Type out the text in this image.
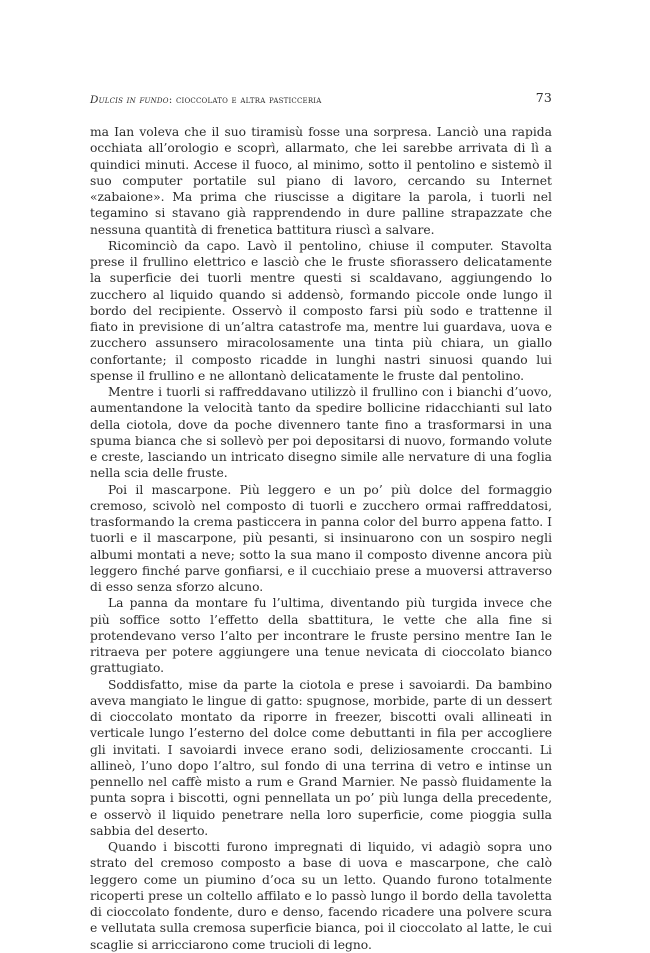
Dulcis in fundo: cioccolato e altra pasticceria	73

ma Ian voleva che il suo tiramisù fosse una sorpresa. Lanciò una rapida occhiata all’orologio e scoprì, allarmato, che lei sarebbe arrivata di lì a quindici minuti. Accese il fuoco, al minimo, sotto il pentolino e sistemò il suo computer portatile sul piano di lavoro, cercando su Internet «zabaione». Ma prima che riuscisse a digitare la parola, i tuorli nel tegamino si stavano già rapprendendo in dure palline strapazzate che nessuna quantità di frenetica battitura riuscì a salvare.

Ricominciò da capo. Lavò il pentolino, chiuse il computer. Stavolta prese il frullino elettrico e lasciò che le fruste sfiorassero delicatamente la superficie dei tuorli mentre questi si scaldavano, aggiungendo lo zucchero al liquido quando si addensò, formando piccole onde lungo il bordo del recipiente. Osservò il composto farsi più sodo e trattenne il fiato in previsione di un’altra catastrofe ma, mentre lui guardava, uova e zucchero assunsero miracolosamente una tinta più chiara, un giallo confortante; il composto ricadde in lunghi nastri sinuosi quando lui spense il frullino e ne allontanò delicatamente le fruste dal pentolino.

Mentre i tuorli si raffreddavano utilizzò il frullino con i bianchi d’uovo, aumentandone la velocità tanto da spedire bollicine ridacchianti sul lato della ciotola, dove da poche divennero tante fino a trasformarsi in una spuma bianca che si sollevò per poi depositarsi di nuovo, formando volute e creste, lasciando un intricato disegno simile alle nervature di una foglia nella scia delle fruste.

Poi il mascarpone. Più leggero e un po’ più dolce del formaggio cremoso, scivolò nel composto di tuorli e zucchero ormai raffreddatosi, trasformando la crema pasticcera in panna color del burro appena fatto. I tuorli e il mascarpone, più pesanti, si insinuarono con un sospiro negli albumi montati a neve; sotto la sua mano il composto divenne ancora più leggero finché parve gonfiarsi, e il cucchiaio prese a muoversi attraverso di esso senza sforzo alcuno.

La panna da montare fu l’ultima, diventando più turgida invece che più soffice sotto l’effetto della sbattitura, le vette che alla fine si protendevano verso l’alto per incontrare le fruste persino mentre Ian le ritraeva per potere aggiungere una tenue nevicata di cioccolato bianco grattugiato.

Soddisfatto, mise da parte la ciotola e prese i savoiardi. Da bambino aveva mangiato le lingue di gatto: spugnose, morbide, parte di un dessert di cioccolato montato da riporre in freezer, biscotti ovali allineati in verticale lungo l’esterno del dolce come debuttanti in fila per accogliere gli invitati. I savoiardi invece erano sodi, deliziosamente croccanti. Li allineò, l’uno dopo l’altro, sul fondo di una terrina di vetro e intinse un pennello nel caffè misto a rum e Grand Marnier. Ne passò fluidamente la punta sopra i biscotti, ogni pennellata un po’ più lunga della precedente, e osservò il liquido penetrare nella loro superficie, come pioggia sulla sabbia del deserto.

Quando i biscotti furono impregnati di liquido, vi adagiò sopra uno strato del cremoso composto a base di uova e mascarpone, che calò leggero come un piumino d’oca su un letto. Quando furono totalmente ricoperti prese un coltello affilato e lo passò lungo il bordo della tavoletta di cioccolato fondente, duro e denso, facendo ricadere una polvere scura e vellutata sulla cremosa superficie bianca, poi il cioccolato al latte, le cui scaglie si arricciarono come trucioli di legno.
